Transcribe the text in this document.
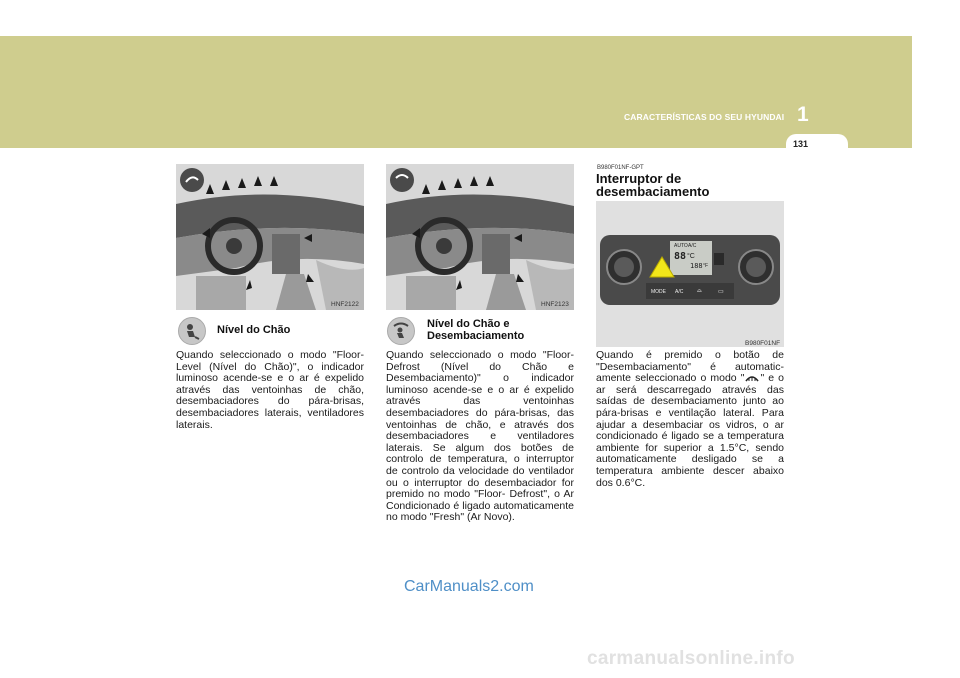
CARACTERÍSTICAS DO SEU HYUNDAI 1
131
HNF2122
Nível do Chão
Quando seleccionado o modo "Floor-Level (Nível do Chão)", o indicador luminoso acende-se e o ar é expelido através das ventoinhas de chão, desembaciadores do pára-brisas, desembaciadores laterais, ventiladores laterais.
HNF2123
Nível do Chão e
Desembaciamento
Quando seleccionado o modo "Floor-Defrost (Nível do Chão e Desembaciamento)" o indicador luminoso acende-se e o ar é expelido através das ventoinhas desembaciadores do pára-brisas, das ventoinhas de chão, e através dos desembaciadores e ventiladores laterais. Se algum dos botões de controlo de temperatura, o interruptor de controlo da velocidade do ventilador ou o interruptor do desembaciador for premido no modo "Floor- Defrost", o Ar Condicionado é ligado automaticamente no modo "Fresh" (Ar Novo).
B980F01NF-GPT
Interruptor de
desembaciamento
AUTO A/C
88 °C
188 °F
MODE A/C ⌓	▭
B980F01NF
Quando é premido o botão de "Desembaciamento" é automatic-amente seleccionado o modo " " e o ar será descarregado através das saídas de desembaciamento junto ao pára-brisas e ventilação lateral. Para ajudar a desembaciar os vidros, o ar condicionado é ligado se a temperatura ambiente for superior a 1.5°C, sendo automaticamente desligado se a temperatura ambiente descer abaixo dos 0.6°C.
CarManuals2.com
carmanualsonline.info
